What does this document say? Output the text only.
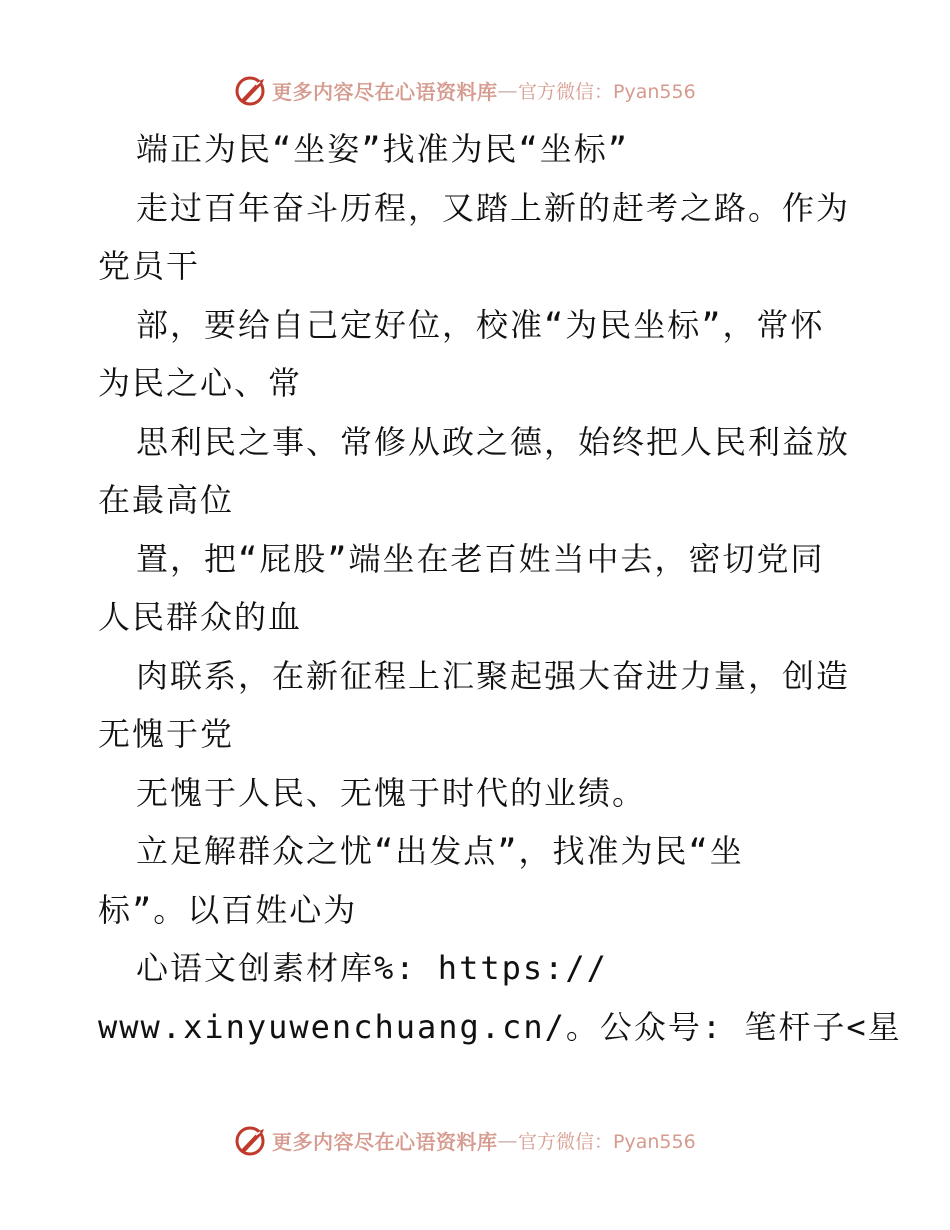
更多内容尽在心语资料库 — 官方微信：Pyan556
端正为民“坐姿”找准为民“坐标”
走过百年奋斗历程，又踏上新的赶考之路。作为
党员干
部，要给自己定好位，校准“为民坐标”，常怀
为民之心、常
思利民之事、常修从政之德，始终把人民利益放
在最高位
置，把“屁股”端坐在老百姓当中去，密切党同
人民群众的血
肉联系，在新征程上汇聚起强大奋进力量，创造
无愧于党
无愧于人民、无愧于时代的业绩。
立足解群众之忧“出发点”，找准为民“坐
标”。以百姓心为
心语文创素材库%: https://
www.xinyuwenchuang.cn/。公众号: 笔杆子<星
更多内容尽在心语资料库 — 官方微信：Pyan556
